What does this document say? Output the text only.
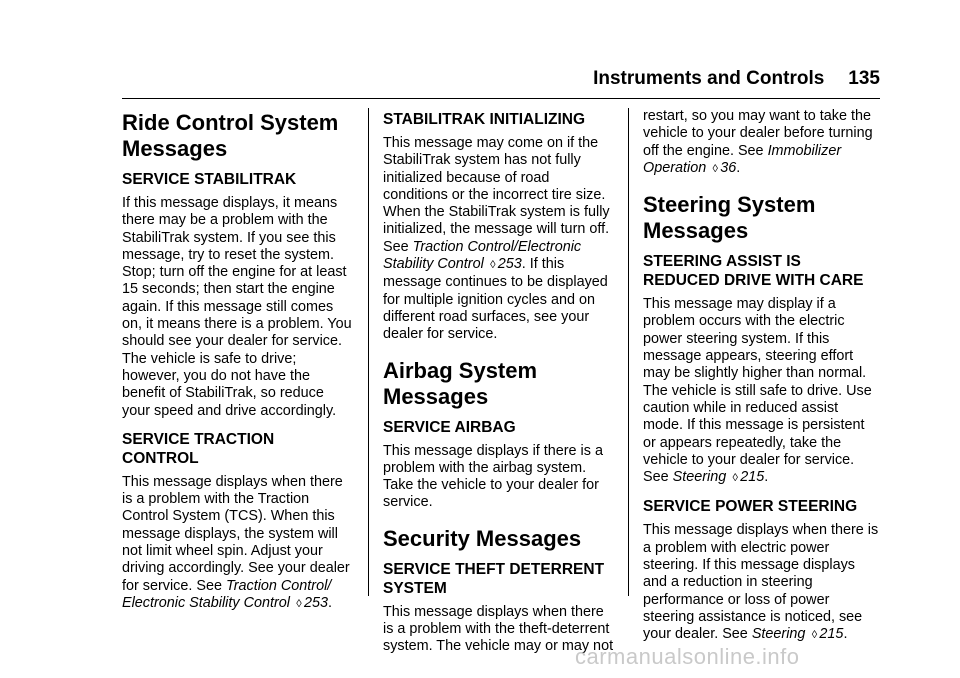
Instruments and Controls 135
Ride Control System Messages
SERVICE STABILITRAK

If this message displays, it means there may be a problem with the StabiliTrak system. If you see this message, try to reset the system. Stop; turn off the engine for at least 15 seconds; then start the engine again. If this message still comes on, it means there is a problem. You should see your dealer for service. The vehicle is safe to drive; however, you do not have the benefit of StabiliTrak, so reduce your speed and drive accordingly.

SERVICE TRACTION CONTROL

This message displays when there is a problem with the Traction Control System (TCS). When this message displays, the system will not limit wheel spin. Adjust your driving accordingly. See your dealer for service. See Traction Control/ Electronic Stability Control ◊ 253.

STABILITRAK INITIALIZING

This message may come on if the StabiliTrak system has not fully initialized because of road conditions or the incorrect tire size. When the StabiliTrak system is fully initialized, the message will turn off. See Traction Control/Electronic Stability Control ◊ 253. If this message continues to be displayed for multiple ignition cycles and on different road surfaces, see your dealer for service.

Airbag System Messages
SERVICE AIRBAG

This message displays if there is a problem with the airbag system. Take the vehicle to your dealer for service.

Security Messages
SERVICE THEFT DETERRENT SYSTEM

This message displays when there is a problem with the theft-deterrent system. The vehicle may or may not

restart, so you may want to take the vehicle to your dealer before turning off the engine. See Immobilizer Operation ◊ 36.

Steering System Messages
STEERING ASSIST IS REDUCED DRIVE WITH CARE

This message may display if a problem occurs with the electric power steering system. If this message appears, steering effort may be slightly higher than normal. The vehicle is still safe to drive. Use caution while in reduced assist mode. If this message is persistent or appears repeatedly, take the vehicle to your dealer for service. See Steering ◊ 215.

SERVICE POWER STEERING

This message displays when there is a problem with electric power steering. If this message displays and a reduction in steering performance or loss of power steering assistance is noticed, see your dealer. See Steering ◊ 215.

carmanualsonline.info
